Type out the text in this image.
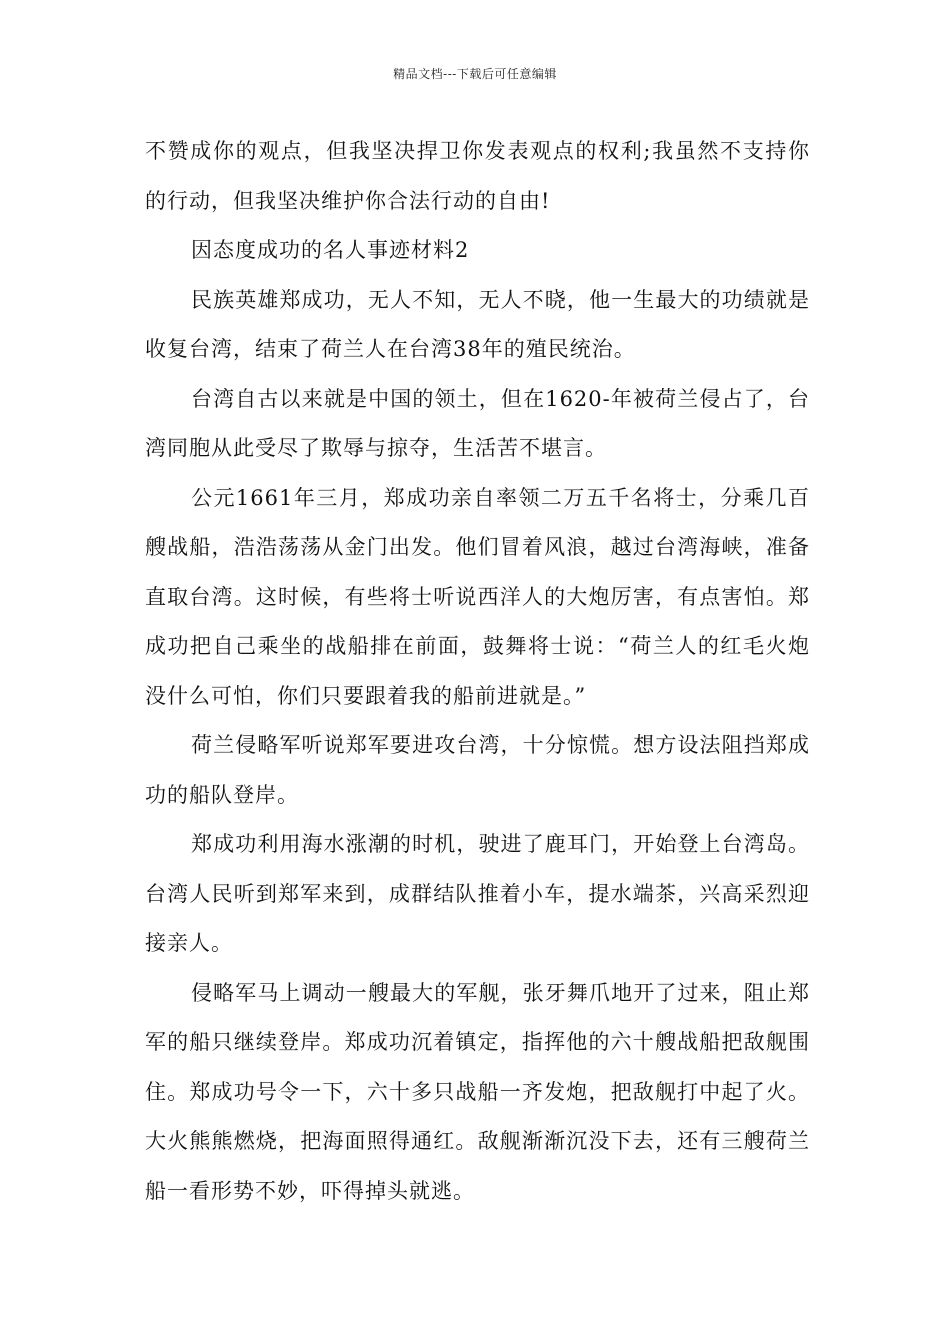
精品文档---下载后可任意编辑

不赞成你的观点，但我坚决捍卫你发表观点的权利;我虽然不支持你的行动，但我坚决维护你合法行动的自由!

因态度成功的名人事迹材料2

民族英雄郑成功，无人不知，无人不晓，他一生最大的功绩就是收复台湾，结束了荷兰人在台湾38年的殖民统治。

台湾自古以来就是中国的领土，但在1620-年被荷兰侵占了，台湾同胞从此受尽了欺辱与掠夺，生活苦不堪言。

公元1661年三月，郑成功亲自率领二万五千名将士，分乘几百艘战船，浩浩荡荡从金门出发。他们冒着风浪，越过台湾海峡，准备直取台湾。这时候，有些将士听说西洋人的大炮厉害，有点害怕。郑成功把自己乘坐的战船排在前面，鼓舞将士说：“荷兰人的红毛火炮没什么可怕，你们只要跟着我的船前进就是。”

荷兰侵略军听说郑军要进攻台湾，十分惊慌。想方设法阻挡郑成功的船队登岸。

郑成功利用海水涨潮的时机，驶进了鹿耳门，开始登上台湾岛。台湾人民听到郑军来到，成群结队推着小车，提水端茶，兴高采烈迎接亲人。

侵略军马上调动一艘最大的军舰，张牙舞爪地开了过来，阻止郑军的船只继续登岸。郑成功沉着镇定，指挥他的六十艘战船把敌舰围住。郑成功号令一下，六十多只战船一齐发炮，把敌舰打中起了火。大火熊熊燃烧，把海面照得通红。敌舰渐渐沉没下去，还有三艘荷兰船一看形势不妙，吓得掉头就逃。
